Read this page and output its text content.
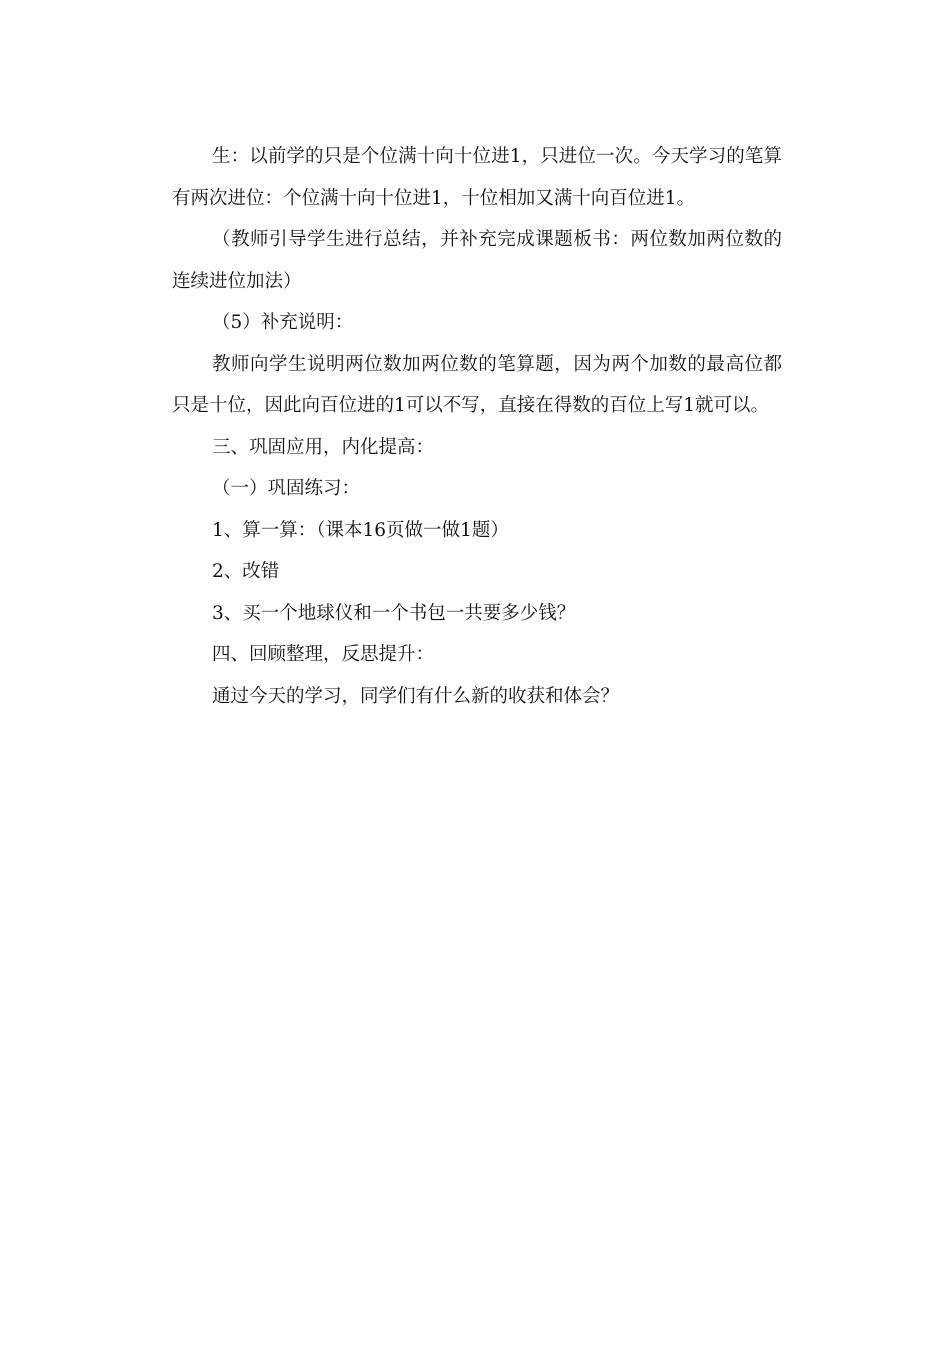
生：以前学的只是个位满十向十位进1，只进位一次。今天学习的笔算有两次进位：个位满十向十位进1，十位相加又满十向百位进1。

（教师引导学生进行总结，并补充完成课题板书：两位数加两位数的连续进位加法）

（5）补充说明：

教师向学生说明两位数加两位数的笔算题，因为两个加数的最高位都只是十位，因此向百位进的1可以不写，直接在得数的百位上写1就可以。

三、巩固应用，内化提高：

（一）巩固练习：

1、算一算：（课本16页做一做1题）

2、改错

3、买一个地球仪和一个书包一共要多少钱？

四、回顾整理，反思提升：

通过今天的学习，同学们有什么新的收获和体会？
